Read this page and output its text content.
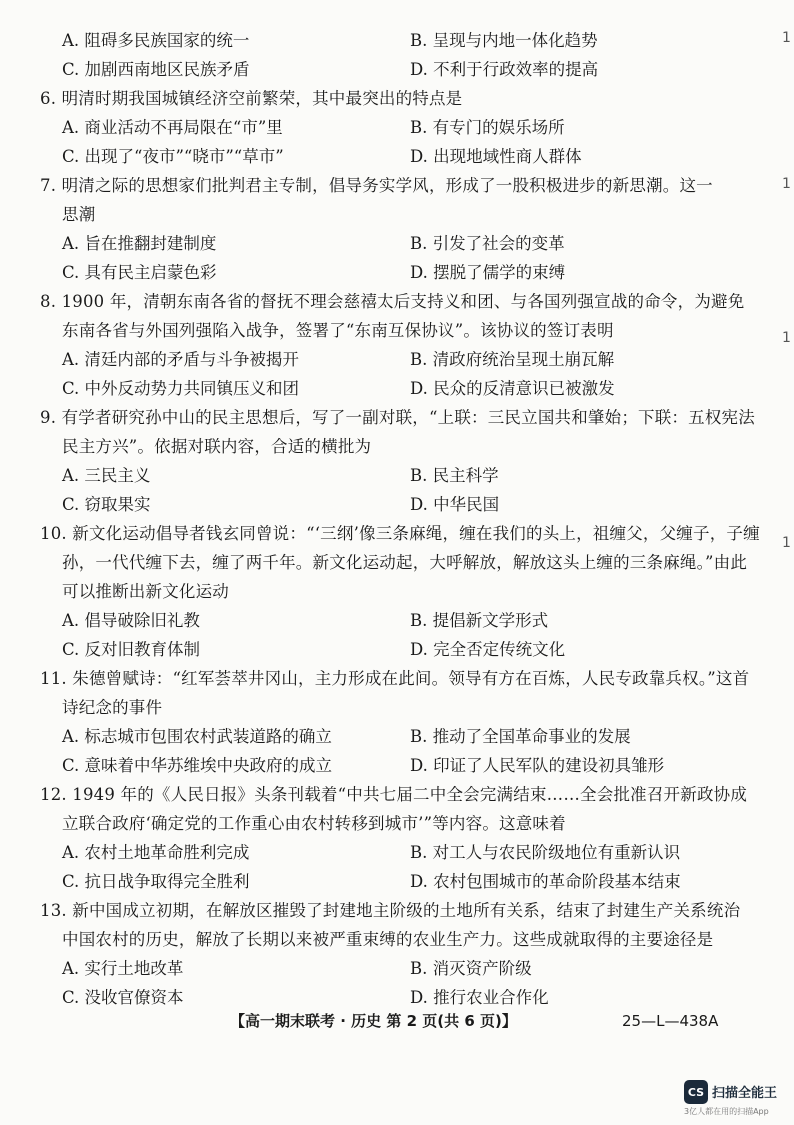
A. 阻碍多民族国家的统一	B. 呈现与内地一体化趋势
C. 加剧西南地区民族矛盾	D. 不利于行政效率的提高
6. 明清时期我国城镇经济空前繁荣，其中最突出的特点是
A. 商业活动不再局限在“市”里	B. 有专门的娱乐场所
C. 出现了“夜市”“晓市”“草市”	D. 出现地域性商人群体
7. 明清之际的思想家们批判君主专制，倡导务实学风，形成了一股积极进步的新思潮。这一
思潮
A. 旨在推翻封建制度	B. 引发了社会的变革
C. 具有民主启蒙色彩	D. 摆脱了儒学的束缚
8. 1900 年，清朝东南各省的督抚不理会慈禧太后支持义和团、与各国列强宣战的命令，为避免
东南各省与外国列强陷入战争，签署了“东南互保协议”。该协议的签订表明
A. 清廷内部的矛盾与斗争被揭开	B. 清政府统治呈现土崩瓦解
C. 中外反动势力共同镇压义和团	D. 民众的反清意识已被激发
9. 有学者研究孙中山的民主思想后，写了一副对联，“上联：三民立国共和肇始；下联：五权宪法
民主方兴”。依据对联内容，合适的横批为
A. 三民主义	B. 民主科学
C. 窃取果实	D. 中华民国
10. 新文化运动倡导者钱玄同曾说：“‘三纲’像三条麻绳，缠在我们的头上，祖缠父，父缠子，子缠
孙，一代代缠下去，缠了两千年。新文化运动起，大呼解放，解放这头上缠的三条麻绳。”由此
可以推断出新文化运动
A. 倡导破除旧礼教	B. 提倡新文学形式
C. 反对旧教育体制	D. 完全否定传统文化
11. 朱德曾赋诗：“红军荟萃井冈山，主力形成在此间。领导有方在百炼，人民专政靠兵权。”这首
诗纪念的事件
A. 标志城市包围农村武装道路的确立	B. 推动了全国革命事业的发展
C. 意味着中华苏维埃中央政府的成立	D. 印证了人民军队的建设初具雏形
12. 1949 年的《人民日报》头条刊载着“中共七届二中全会完满结束……全会批准召开新政协成
立联合政府‘确定党的工作重心由农村转移到城市’”等内容。这意味着
A. 农村土地革命胜利完成	B. 对工人与农民阶级地位有重新认识
C. 抗日战争取得完全胜利	D. 农村包围城市的革命阶段基本结束
13. 新中国成立初期，在解放区摧毁了封建地主阶级的土地所有关系，结束了封建生产关系统治
中国农村的历史，解放了长期以来被严重束缚的农业生产力。这些成就取得的主要途径是
A. 实行土地改革	B. 消灭资产阶级
C. 没收官僚资本	D. 推行农业合作化
【高一期末联考 · 历史 第 2 页(共 6 页)】	25—L—438A
1
1
1
1
CS 扫描全能王
3亿人都在用的扫描App
